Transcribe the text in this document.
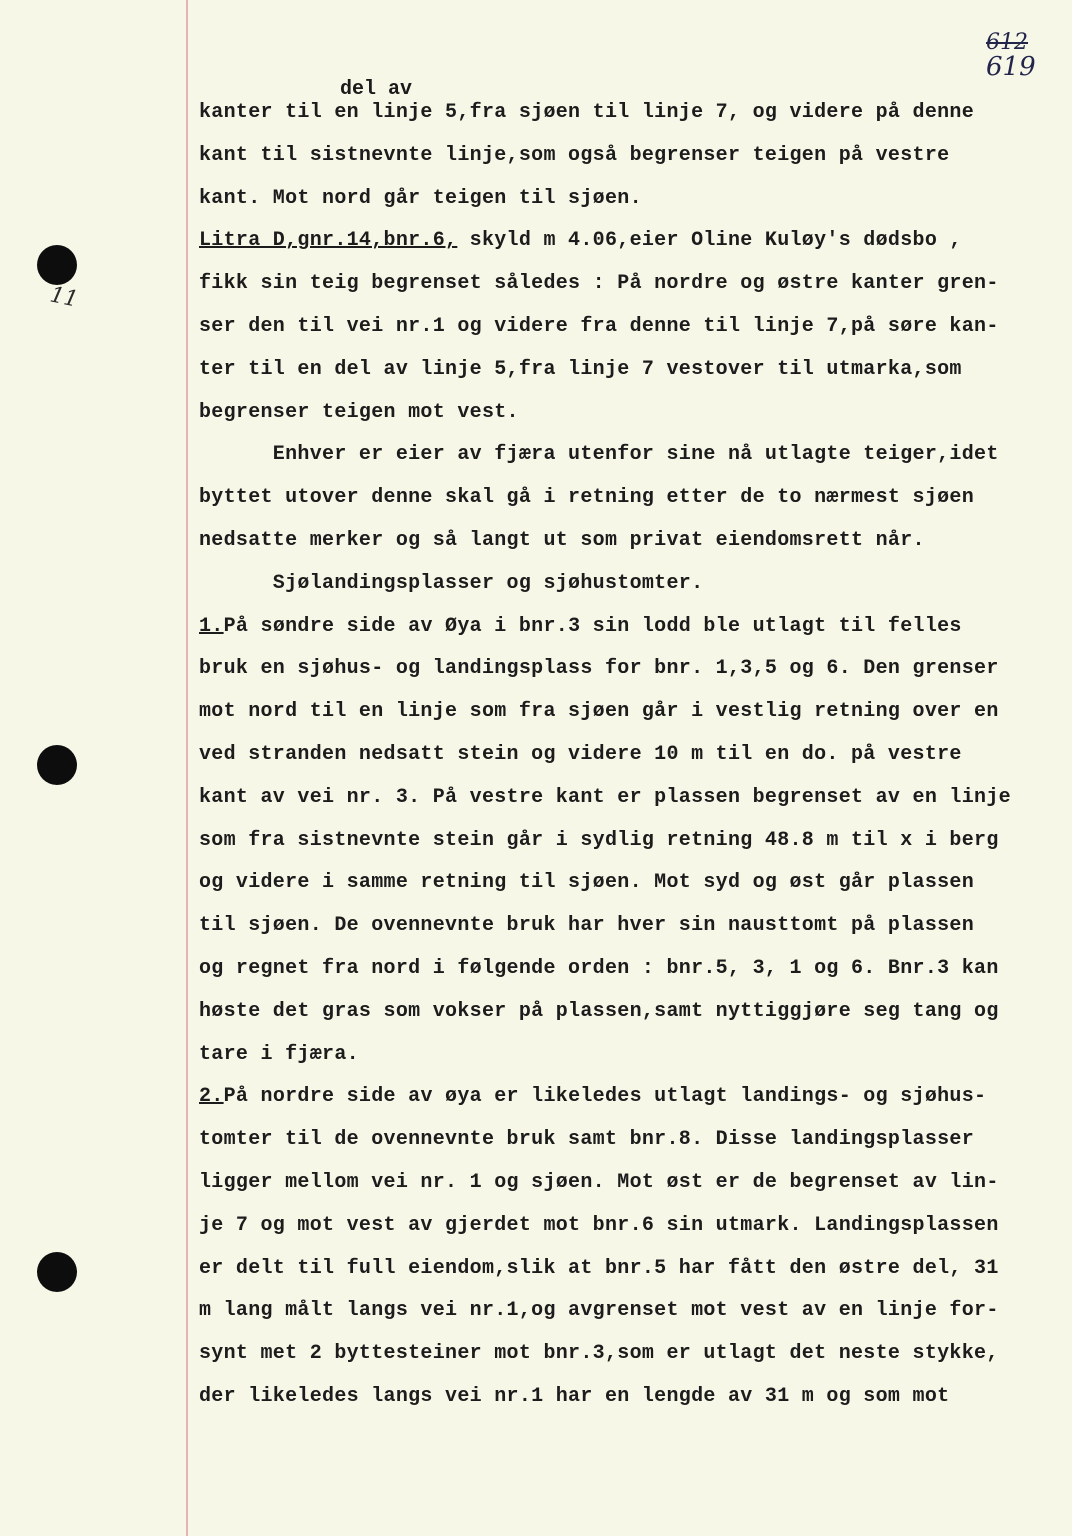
612
619
11
del av
kanter til en linje 5,fra sjøen til linje 7, og videre på denne
kant til sistnevnte linje,som også begrenser teigen på vestre
kant. Mot nord går teigen til sjøen.
Litra D,gnr.14,bnr.6, skyld m 4.06,eier Oline Kuløy's dødsbo ,
fikk sin teig begrenset således : På nordre og østre kanter gren-
ser den til vei nr.1 og videre fra denne til linje 7,på søre kan-
ter til en del av linje 5,fra linje 7 vestover til utmarka,som
begrenser teigen mot vest.
Enhver er eier av fjæra utenfor sine nå utlagte teiger,idet
byttet utover denne skal gå i retning etter de to nærmest sjøen
nedsatte merker og så langt ut som privat eiendomsrett når.
Sjølandingsplasser og sjøhustomter.
1.På søndre side av Øya i bnr.3 sin lodd ble utlagt til felles
bruk en sjøhus- og landingsplass for bnr. 1,3,5 og 6. Den grenser
mot nord til en linje som fra sjøen går i vestlig retning over en
ved stranden nedsatt stein og videre 10 m til en do. på vestre
kant av vei nr. 3. På vestre kant er plassen begrenset av en linje
som fra sistnevnte stein går i sydlig retning 48.8 m til x i berg
og videre i samme retning til sjøen. Mot syd og øst går plassen
til sjøen. De ovennevnte bruk har hver sin nausttomt på plassen
og regnet fra nord i følgende orden : bnr.5, 3, 1 og 6. Bnr.3 kan
høste det gras som vokser på plassen,samt nyttiggjøre seg tang og
tare i fjæra.
2.På nordre side av øya er likeledes utlagt landings- og sjøhus-
tomter til de ovennevnte bruk samt bnr.8. Disse landingsplasser
ligger mellom vei nr. 1 og sjøen. Mot øst er de begrenset av lin-
je 7 og mot vest av gjerdet mot bnr.6 sin utmark. Landingsplassen
er delt til full eiendom,slik at bnr.5 har fått den østre del, 31
m lang målt langs vei nr.1,og avgrenset mot vest av en linje for-
synt met 2 byttesteiner mot bnr.3,som er utlagt det neste stykke,
der likeledes langs vei nr.1 har en lengde av 31 m og som mot
